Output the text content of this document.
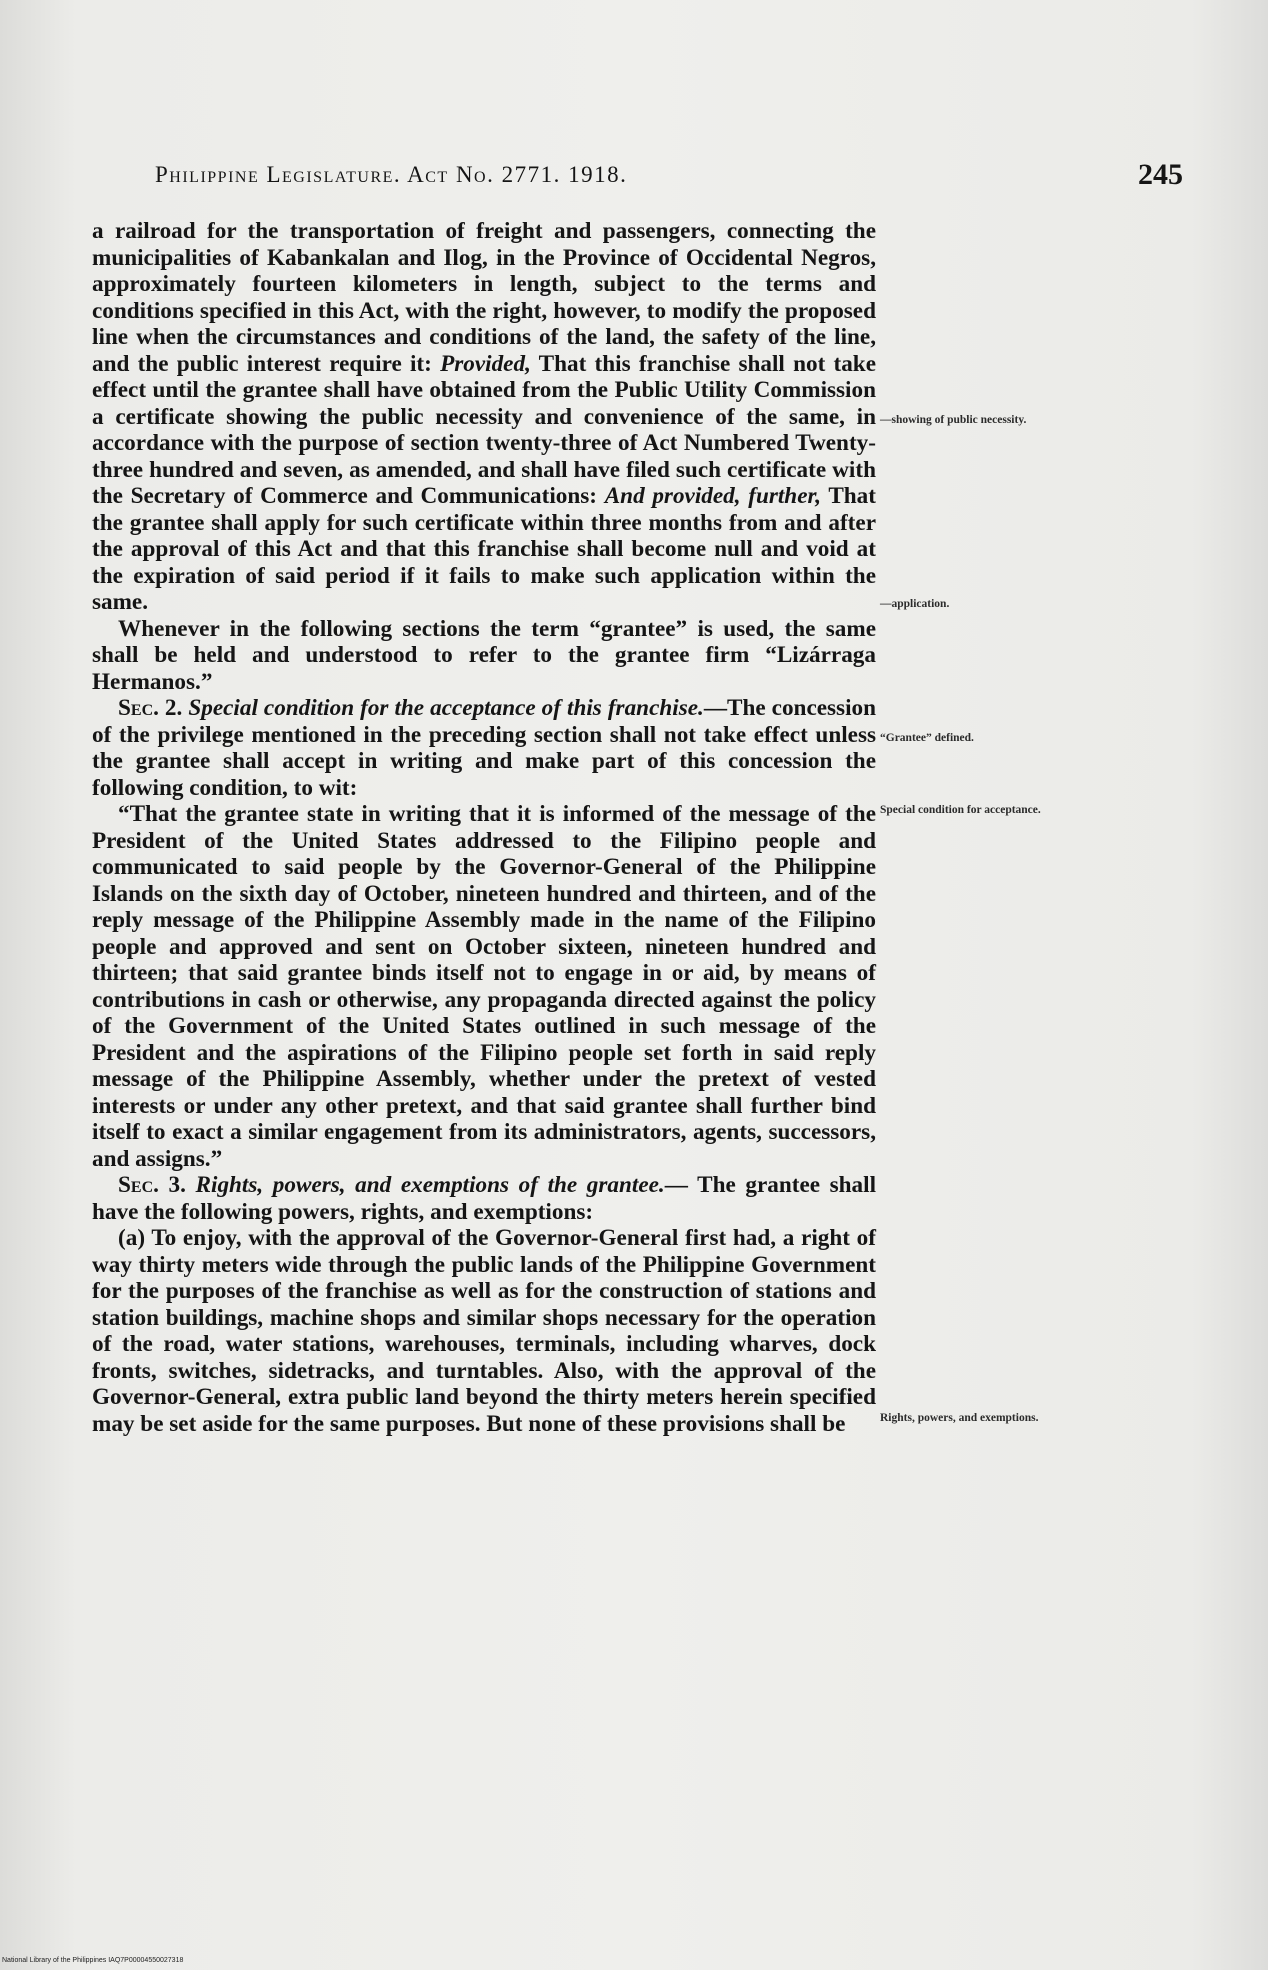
Philippine Legislature. Act No. 2771. 1918.	245

a railroad for the transportation of freight and passengers, connecting the municipalities of Kabankalan and Ilog, in the Province of Occidental Negros, approximately fourteen kilometers in length, subject to the terms and conditions specified in this Act, with the right, however, to modify the proposed line when the circumstances and conditions of the land, the safety of the line, and the public interest require it: Provided, That this franchise shall not take effect until the grantee shall have obtained from the Public Utility Commission a certificate showing the public necessity and convenience of the same, in accordance with the purpose of section twenty-three of Act Numbered Twenty-three hundred and seven, as amended, and shall have filed such certificate with the Secretary of Commerce and Communications: And provided, further, That the grantee shall apply for such certificate within three months from and after the approval of this Act and that this franchise shall become null and void at the expiration of said period if it fails to make such application within the same.

Whenever in the following sections the term “grantee” is used, the same shall be held and understood to refer to the grantee firm “Lizárraga Hermanos.”

Sec. 2. Special condition for the acceptance of this franchise.—The concession of the privilege mentioned in the preceding section shall not take effect unless the grantee shall accept in writing and make part of this concession the following condition, to wit:

“That the grantee state in writing that it is informed of the message of the President of the United States addressed to the Filipino people and communicated to said people by the Governor-General of the Philippine Islands on the sixth day of October, nineteen hundred and thirteen, and of the reply message of the Philippine Assembly made in the name of the Filipino people and approved and sent on October sixteen, nineteen hundred and thirteen; that said grantee binds itself not to engage in or aid, by means of contributions in cash or otherwise, any propaganda directed against the policy of the Government of the United States outlined in such message of the President and the aspirations of the Filipino people set forth in said reply message of the Philippine Assembly, whether under the pretext of vested interests or under any other pretext, and that said grantee shall further bind itself to exact a similar engagement from its administrators, agents, successors, and assigns.”

Sec. 3. Rights, powers, and exemptions of the grantee.— The grantee shall have the following powers, rights, and exemptions:

(a) To enjoy, with the approval of the Governor-General first had, a right of way thirty meters wide through the public lands of the Philippine Government for the purposes of the franchise as well as for the construction of stations and station buildings, machine shops and similar shops necessary for the operation of the road, water stations, warehouses, terminals, including wharves, dock fronts, switches, sidetracks, and turntables. Also, with the approval of the Governor-General, extra public land beyond the thirty meters herein specified may be set aside for the same purposes. But none of these provisions shall be

—showing of public necessity.
—application.
“Grantee” defined.
Special condition for acceptance.
Rights, powers, and exemptions.
National Library of the Philippines IAQ7P00004550027318
